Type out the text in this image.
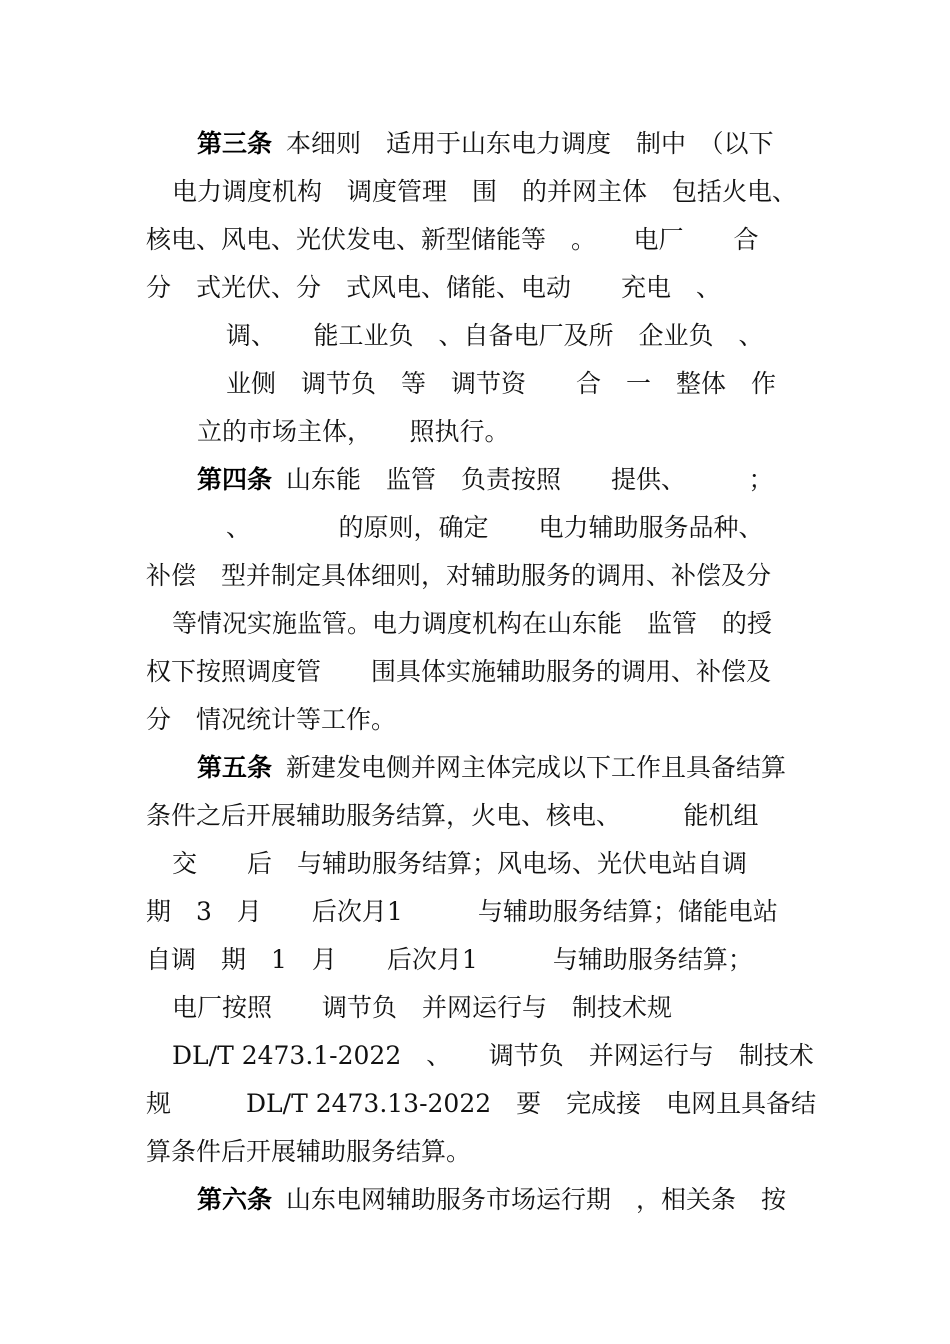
第三条 本细则　适用于山东电力调度　制中　（以下
电力调度机构　调度管理　围　的并网主体　包括火电、
核电、风电、光伏发电、新型储能等　。　　电厂　　合
分　式光伏、分　式风电、储能、电动　　充电　、
调、　　能工业负　、自备电厂及所　企业负　、
业侧　调节负　等　调节资　　合　一　整体　作
立的市场主体，　　照执行。
第四条 山东能　监管　负责按照　　提供、　　　；
、　　　　的原则，确定　　电力辅助服务品种、
补偿　型并制定具体细则，对辅助服务的调用、补偿及分
等情况实施监管。电力调度机构在山东能　监管　的授
权下按照调度管　　围具体实施辅助服务的调用、补偿及
分　情况统计等工作。
第五条 新建发电侧并网主体完成以下工作且具备结算
条件之后开展辅助服务结算，火电、核电、　　　能机组
交　　后　与辅助服务结算；风电场、光伏电站自调
期　3　月　　后次月1　　　与辅助服务结算；储能电站
自调　期　1　月　　后次月1　　　与辅助服务结算；
电厂按照　　调节负　并网运行与　制技术规
DL/T 2473.1-2022　、　　调节负　并网运行与　制技术
规　　　DL/T 2473.13-2022　要　完成接　电网且具备结
算条件后开展辅助服务结算。
第六条 山东电网辅助服务市场运行期　，相关条　按
